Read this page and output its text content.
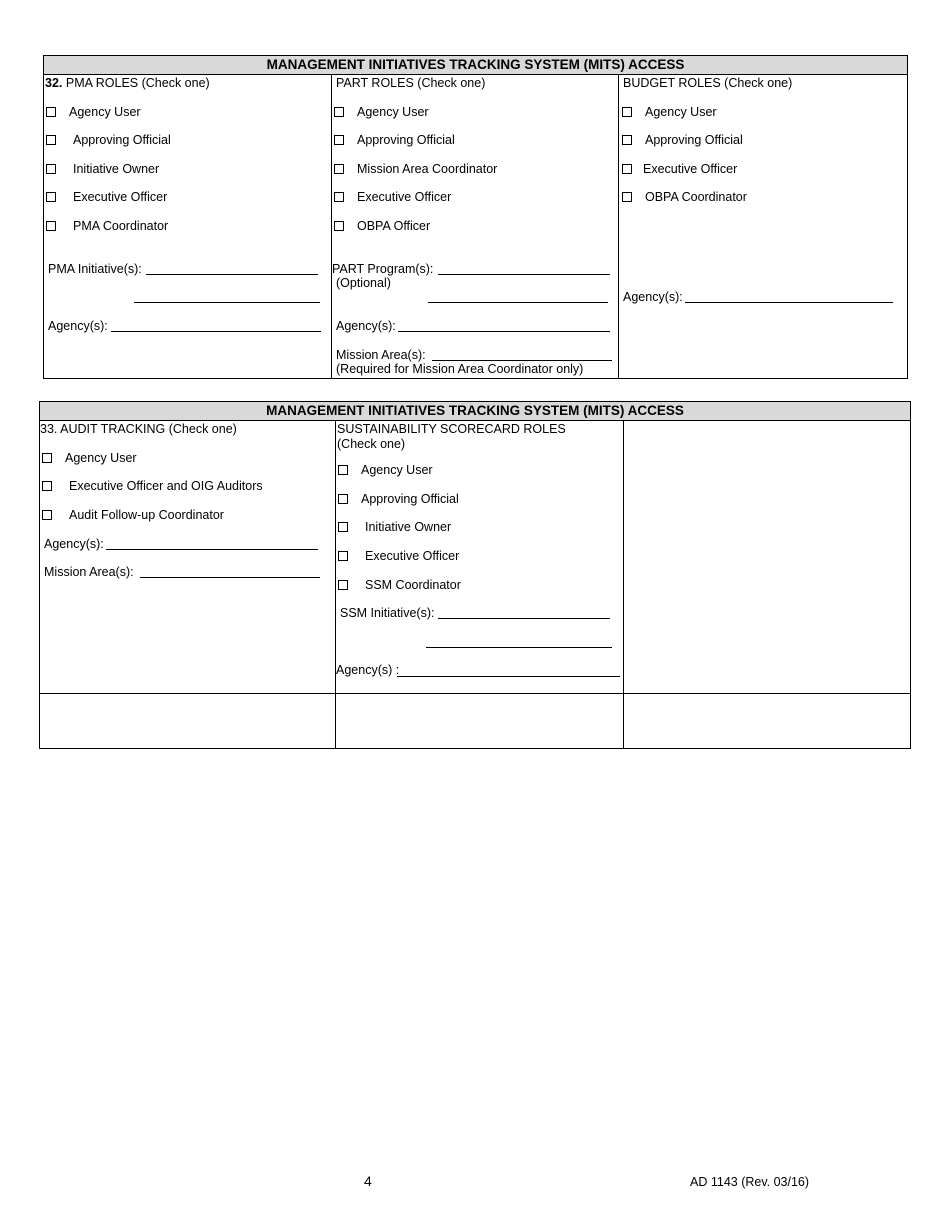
MANAGEMENT INITIATIVES TRACKING SYSTEM (MITS) ACCESS
32. PMA ROLES (Check one)
Agency User
Approving Official
Initiative Owner
Executive Officer
PMA Coordinator
PMA Initiative(s):
Agency(s):
PART ROLES (Check one)
Agency User
Approving Official
Mission Area Coordinator
Executive Officer
OBPA Officer
PART Program(s):
(Optional)
Agency(s):
Mission Area(s):
(Required for Mission Area Coordinator only)
BUDGET ROLES (Check one)
Agency User
Approving Official
Executive Officer
OBPA Coordinator
Agency(s):
MANAGEMENT INITIATIVES TRACKING SYSTEM (MITS) ACCESS
33. AUDIT TRACKING (Check one)
Agency User
Executive Officer and OIG Auditors
Audit Follow-up Coordinator
Agency(s):
Mission Area(s):
SUSTAINABILITY SCORECARD ROLES
(Check one)
Agency User
Approving Official
Initiative Owner
Executive Officer
SSM Coordinator
SSM Initiative(s):
Agency(s) :
4	AD 1143 (Rev. 03/16)
